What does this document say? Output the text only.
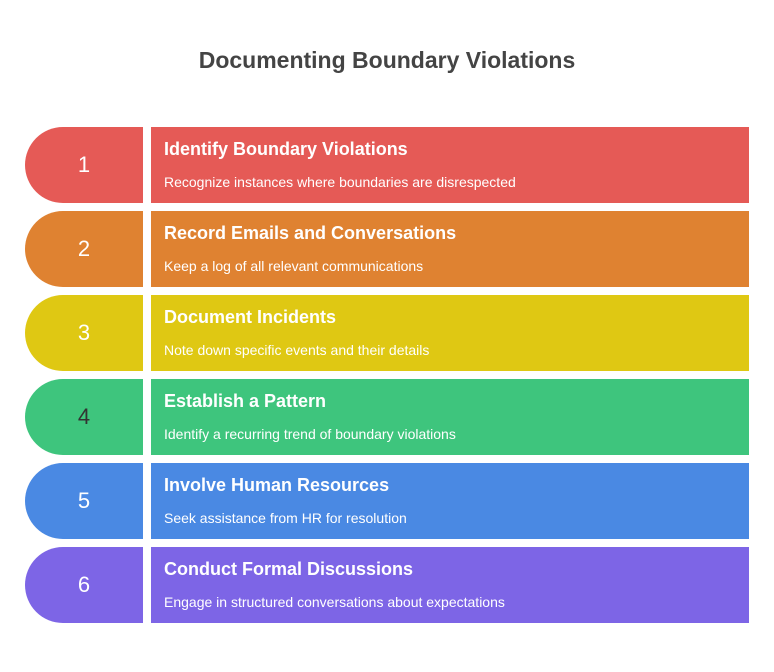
Documenting Boundary Violations
1
Identify Boundary Violations
Recognize instances where boundaries are disrespected
2
Record Emails and Conversations
Keep a log of all relevant communications
3
Document Incidents
Note down specific events and their details
4
Establish a Pattern
Identify a recurring trend of boundary violations
5
Involve Human Resources
Seek assistance from HR for resolution
6
Conduct Formal Discussions
Engage in structured conversations about expectations
